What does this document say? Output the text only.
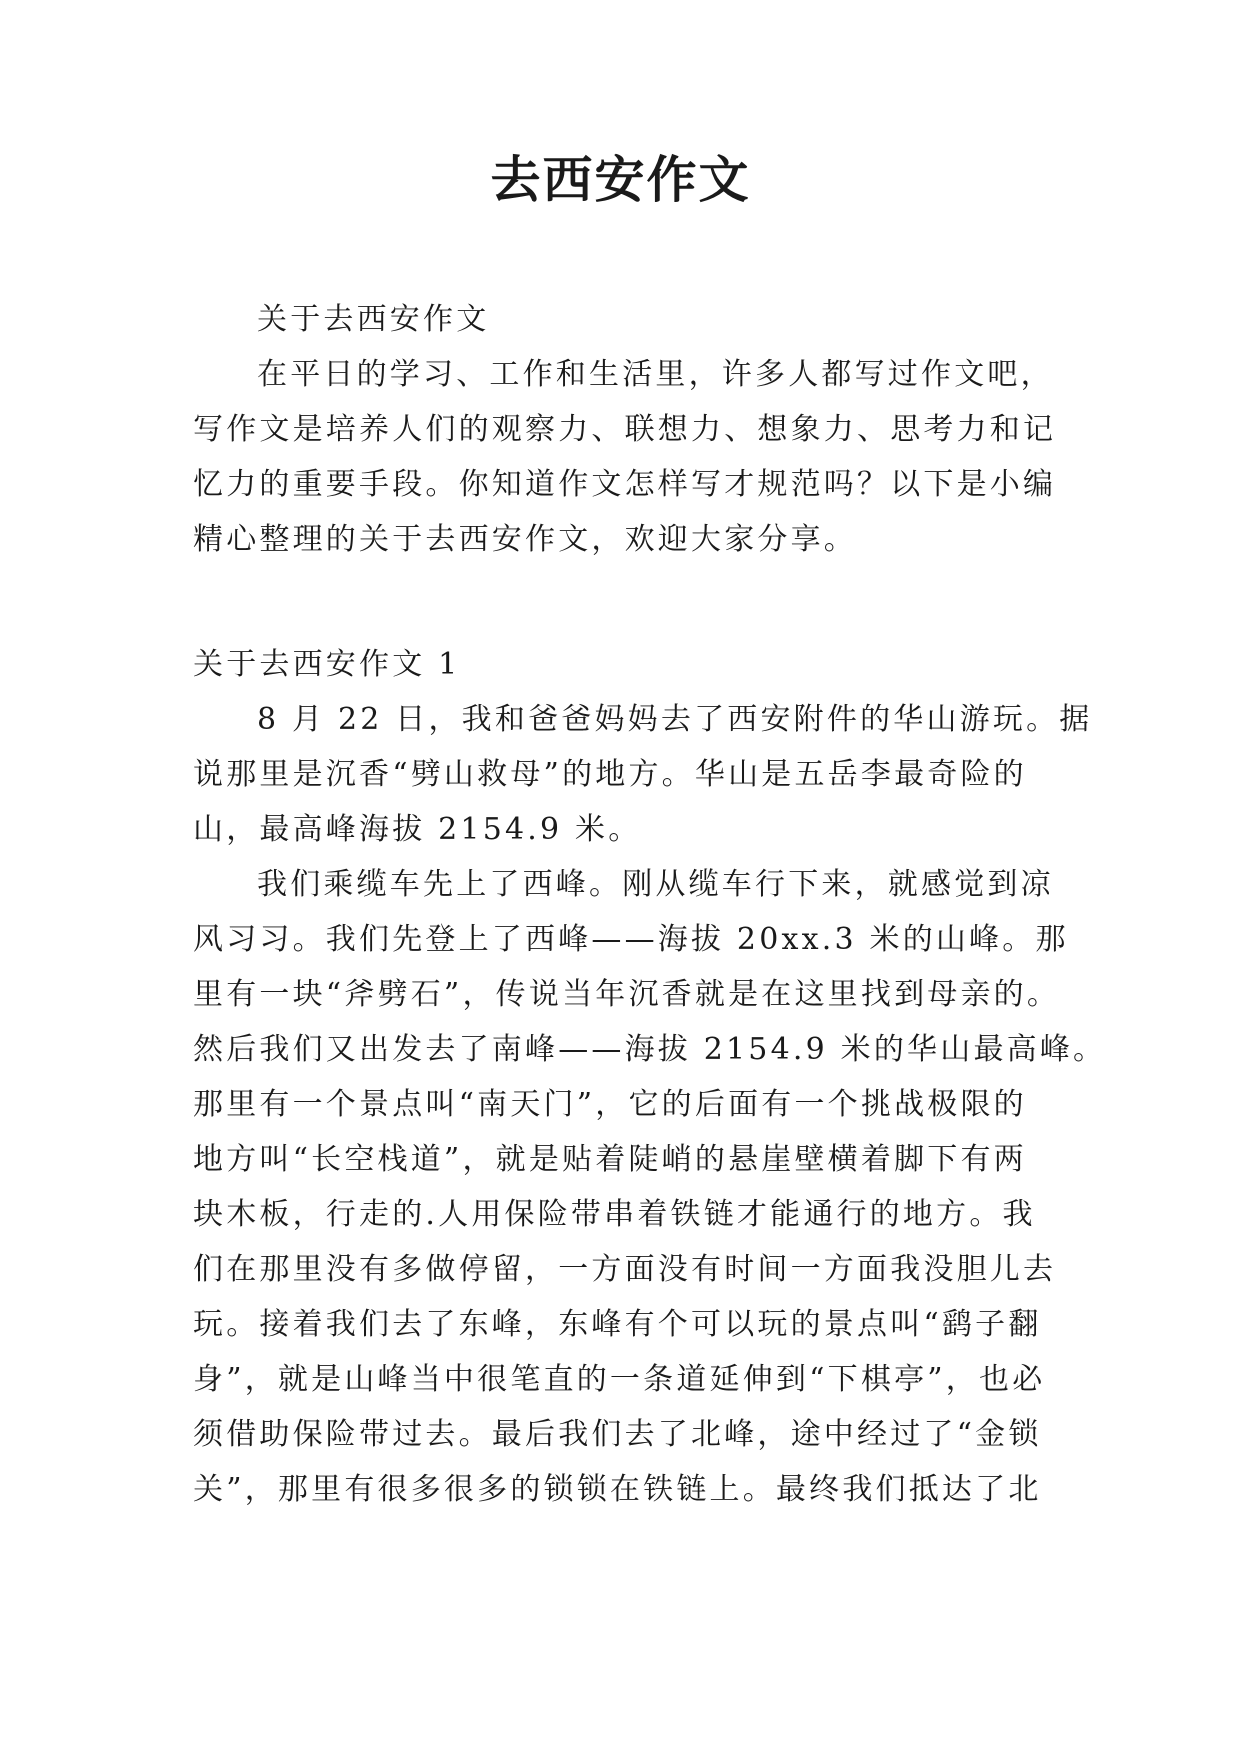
去西安作文
关于去西安作文
在平日的学习、工作和生活里，许多人都写过作文吧，
写作文是培养人们的观察力、联想力、想象力、思考力和记
忆力的重要手段。你知道作文怎样写才规范吗？以下是小编
精心整理的关于去西安作文，欢迎大家分享。
关于去西安作文 1
8 月 22 日，我和爸爸妈妈去了西安附件的华山游玩。据
说那里是沉香“劈山救母”的地方。华山是五岳李最奇险的
山，最高峰海拔 2154.9 米。
我们乘缆车先上了西峰。刚从缆车行下来，就感觉到凉
风习习。我们先登上了西峰——海拔 20xx.3 米的山峰。那
里有一块“斧劈石”，传说当年沉香就是在这里找到母亲的。
然后我们又出发去了南峰——海拔 2154.9 米的华山最高峰。
那里有一个景点叫“南天门”，它的后面有一个挑战极限的
地方叫“长空栈道”，就是贴着陡峭的悬崖壁横着脚下有两
块木板，行走的.人用保险带串着铁链才能通行的地方。我
们在那里没有多做停留，一方面没有时间一方面我没胆儿去
玩。接着我们去了东峰，东峰有个可以玩的景点叫“鹞子翻
身”，就是山峰当中很笔直的一条道延伸到“下棋亭”，也必
须借助保险带过去。最后我们去了北峰，途中经过了“金锁
关”，那里有很多很多的锁锁在铁链上。最终我们抵达了北
